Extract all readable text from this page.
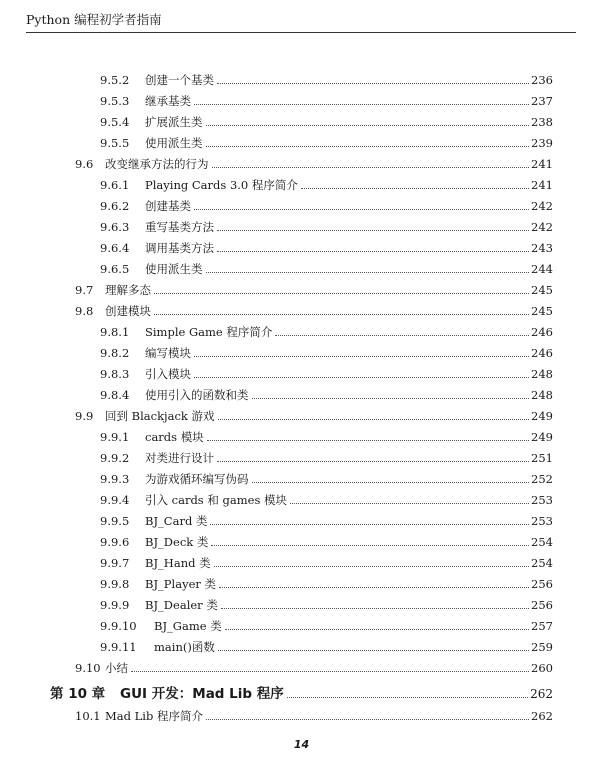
Python 编程初学者指南
9.5.2	创建一个基类	236
9.5.3	继承基类	237
9.5.4	扩展派生类	238
9.5.5	使用派生类	239
9.6	改变继承方法的行为	241
9.6.1	Playing Cards 3.0 程序简介	241
9.6.2	创建基类	242
9.6.3	重写基类方法	242
9.6.4	调用基类方法	243
9.6.5	使用派生类	244
9.7	理解多态	245
9.8	创建模块	245
9.8.1	Simple Game 程序简介	246
9.8.2	编写模块	246
9.8.3	引入模块	248
9.8.4	使用引入的函数和类	248
9.9	回到 Blackjack 游戏	249
9.9.1	cards 模块	249
9.9.2	对类进行设计	251
9.9.3	为游戏循环编写伪码	252
9.9.4	引入 cards 和 games 模块	253
9.9.5	BJ_Card 类	253
9.9.6	BJ_Deck 类	254
9.9.7	BJ_Hand 类	254
9.9.8	BJ_Player 类	256
9.9.9	BJ_Dealer 类	256
9.9.10	BJ_Game 类	257
9.9.11	main()函数	259
9.10 小结	260
第 10 章	GUI 开发：Mad Lib 程序	262
10.1 Mad Lib 程序简介	262
14
